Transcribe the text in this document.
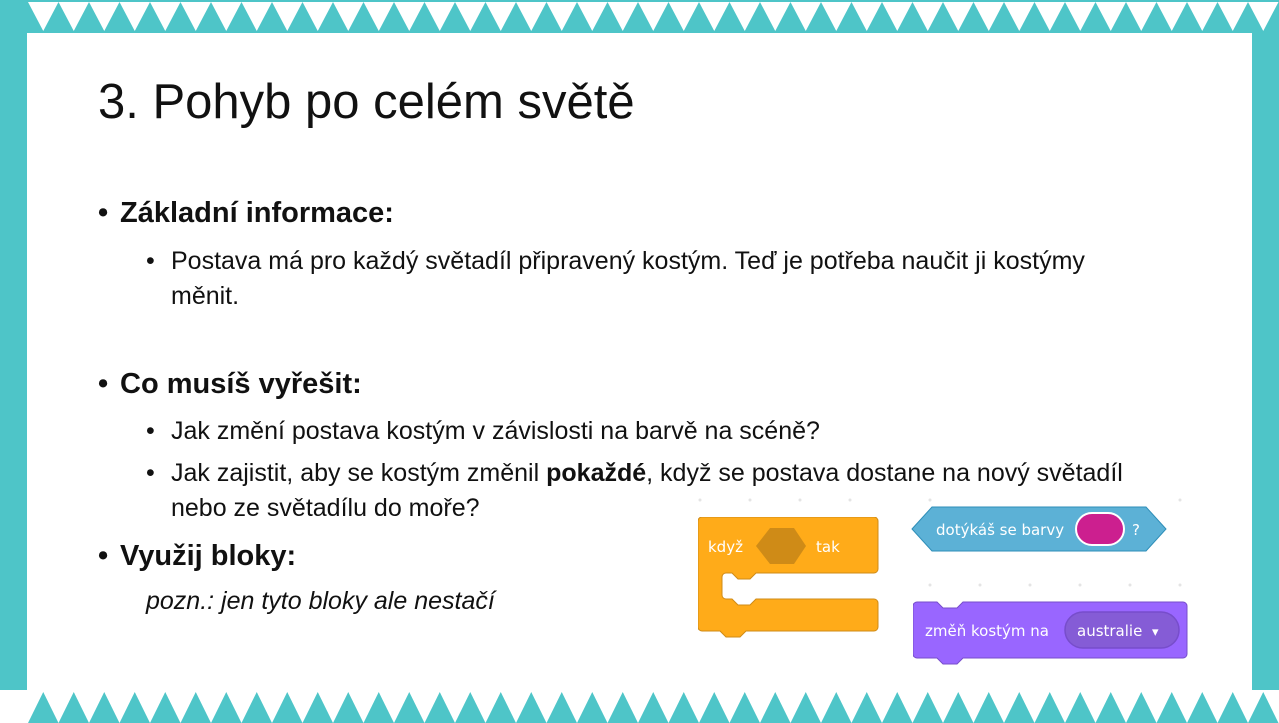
3. Pohyb po celém světě
• Základní informace:
• Postava má pro každý světadíl připravený kostým. Teď je potřeba naučit ji kostýmy měnit.
• Co musíš vyřešit:
• Jak změní postava kostým v závislosti na barvě na scéně?
• Jak zajistit, aby se kostým změnil pokaždé, když se postava dostane na nový světadíl nebo ze světadílu do moře?
• Využij bloky:
pozn.: jen tyto bloky ale nestačí
když	tak
dotýkáš se barvy	?
změň kostým na australie ▾
